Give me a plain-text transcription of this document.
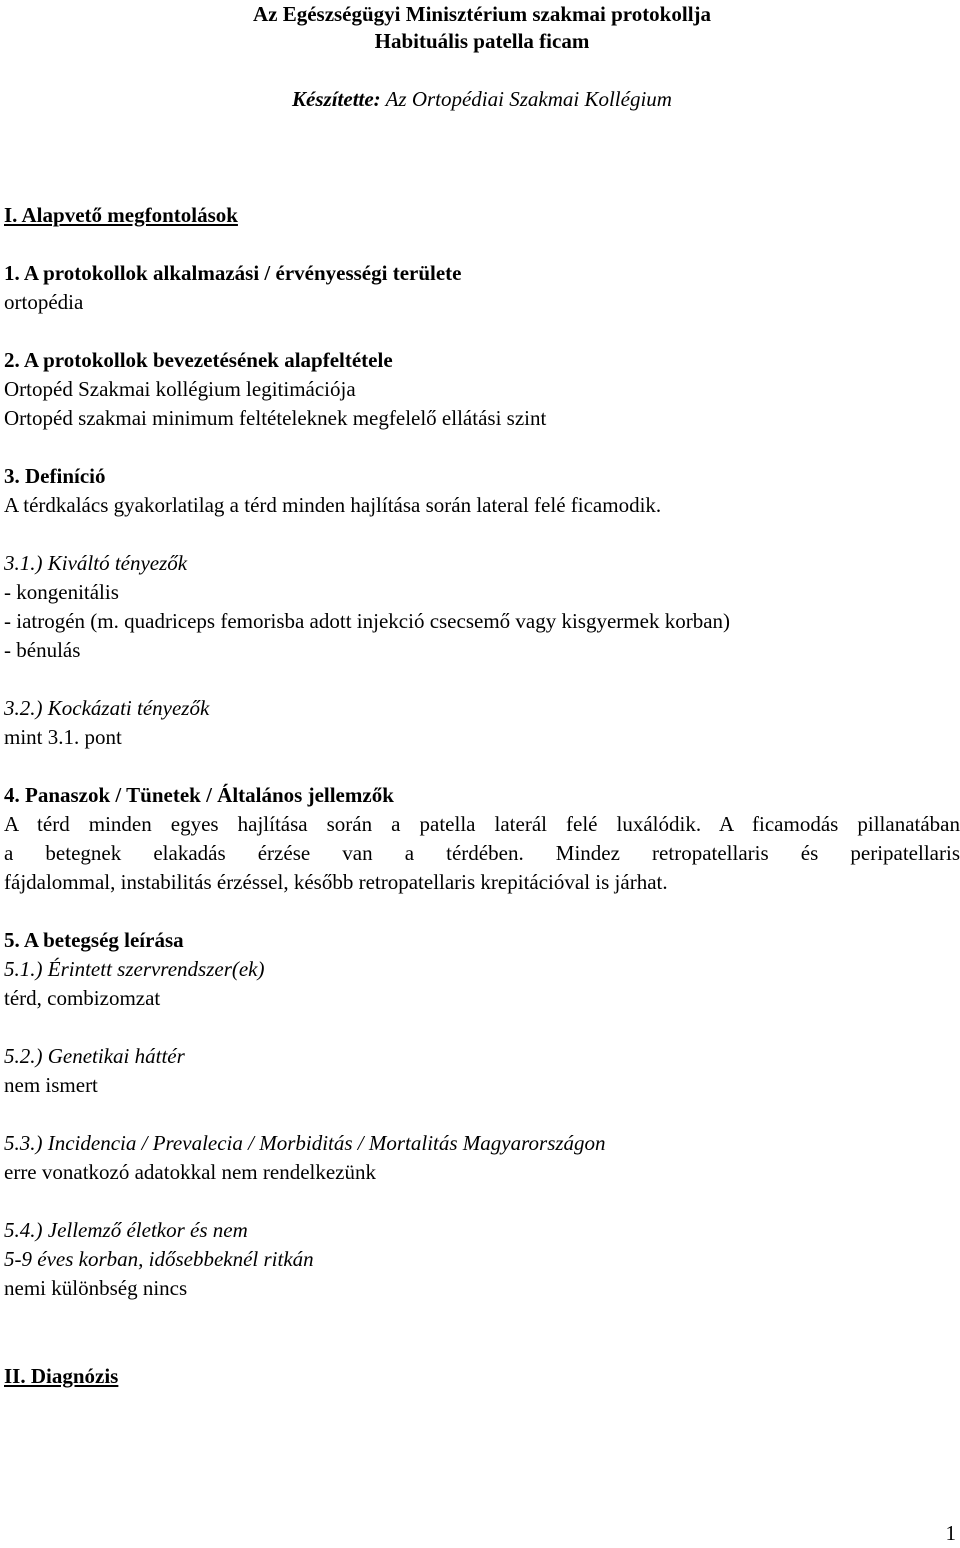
Az Egészségügyi Minisztérium szakmai protokollja
Habituális patella ficam
Készítette: Az Ortopédiai Szakmai Kollégium
I. Alapvető megfontolások
1. A protokollok alkalmazási / érvényességi területe
ortopédia
2. A protokollok bevezetésének alapfeltétele
Ortopéd Szakmai kollégium legitimációja
Ortopéd szakmai minimum feltételeknek megfelelő ellátási szint
3. Definíció
A térdkalács gyakorlatilag a térd minden hajlítása során lateral felé ficamodik.
3.1.) Kiváltó tényezők
- kongenitális
- iatrogén (m. quadriceps femorisba adott injekció csecsemő vagy kisgyermek korban)
- bénulás
3.2.) Kockázati tényezők
mint 3.1. pont
4. Panaszok / Tünetek / Általános jellemzők
A térd minden egyes hajlítása során a patella laterál felé luxálódik. A ficamodás pillanatában
a betegnek elakadás érzése van a térdében. Mindez retropatellaris és peripatellaris
fájdalommal, instabilitás érzéssel, később retropatellaris krepitációval is járhat.
5. A betegség leírása
5.1.) Érintett szervrendszer(ek)
térd, combizomzat
5.2.) Genetikai háttér
nem ismert
5.3.) Incidencia / Prevalecia / Morbiditás / Mortalitás Magyarországon
erre vonatkozó adatokkal nem rendelkezünk
5.4.) Jellemző életkor és nem
5-9 éves korban, idősebbeknél ritkán
nemi különbség nincs
II. Diagnózis
1
